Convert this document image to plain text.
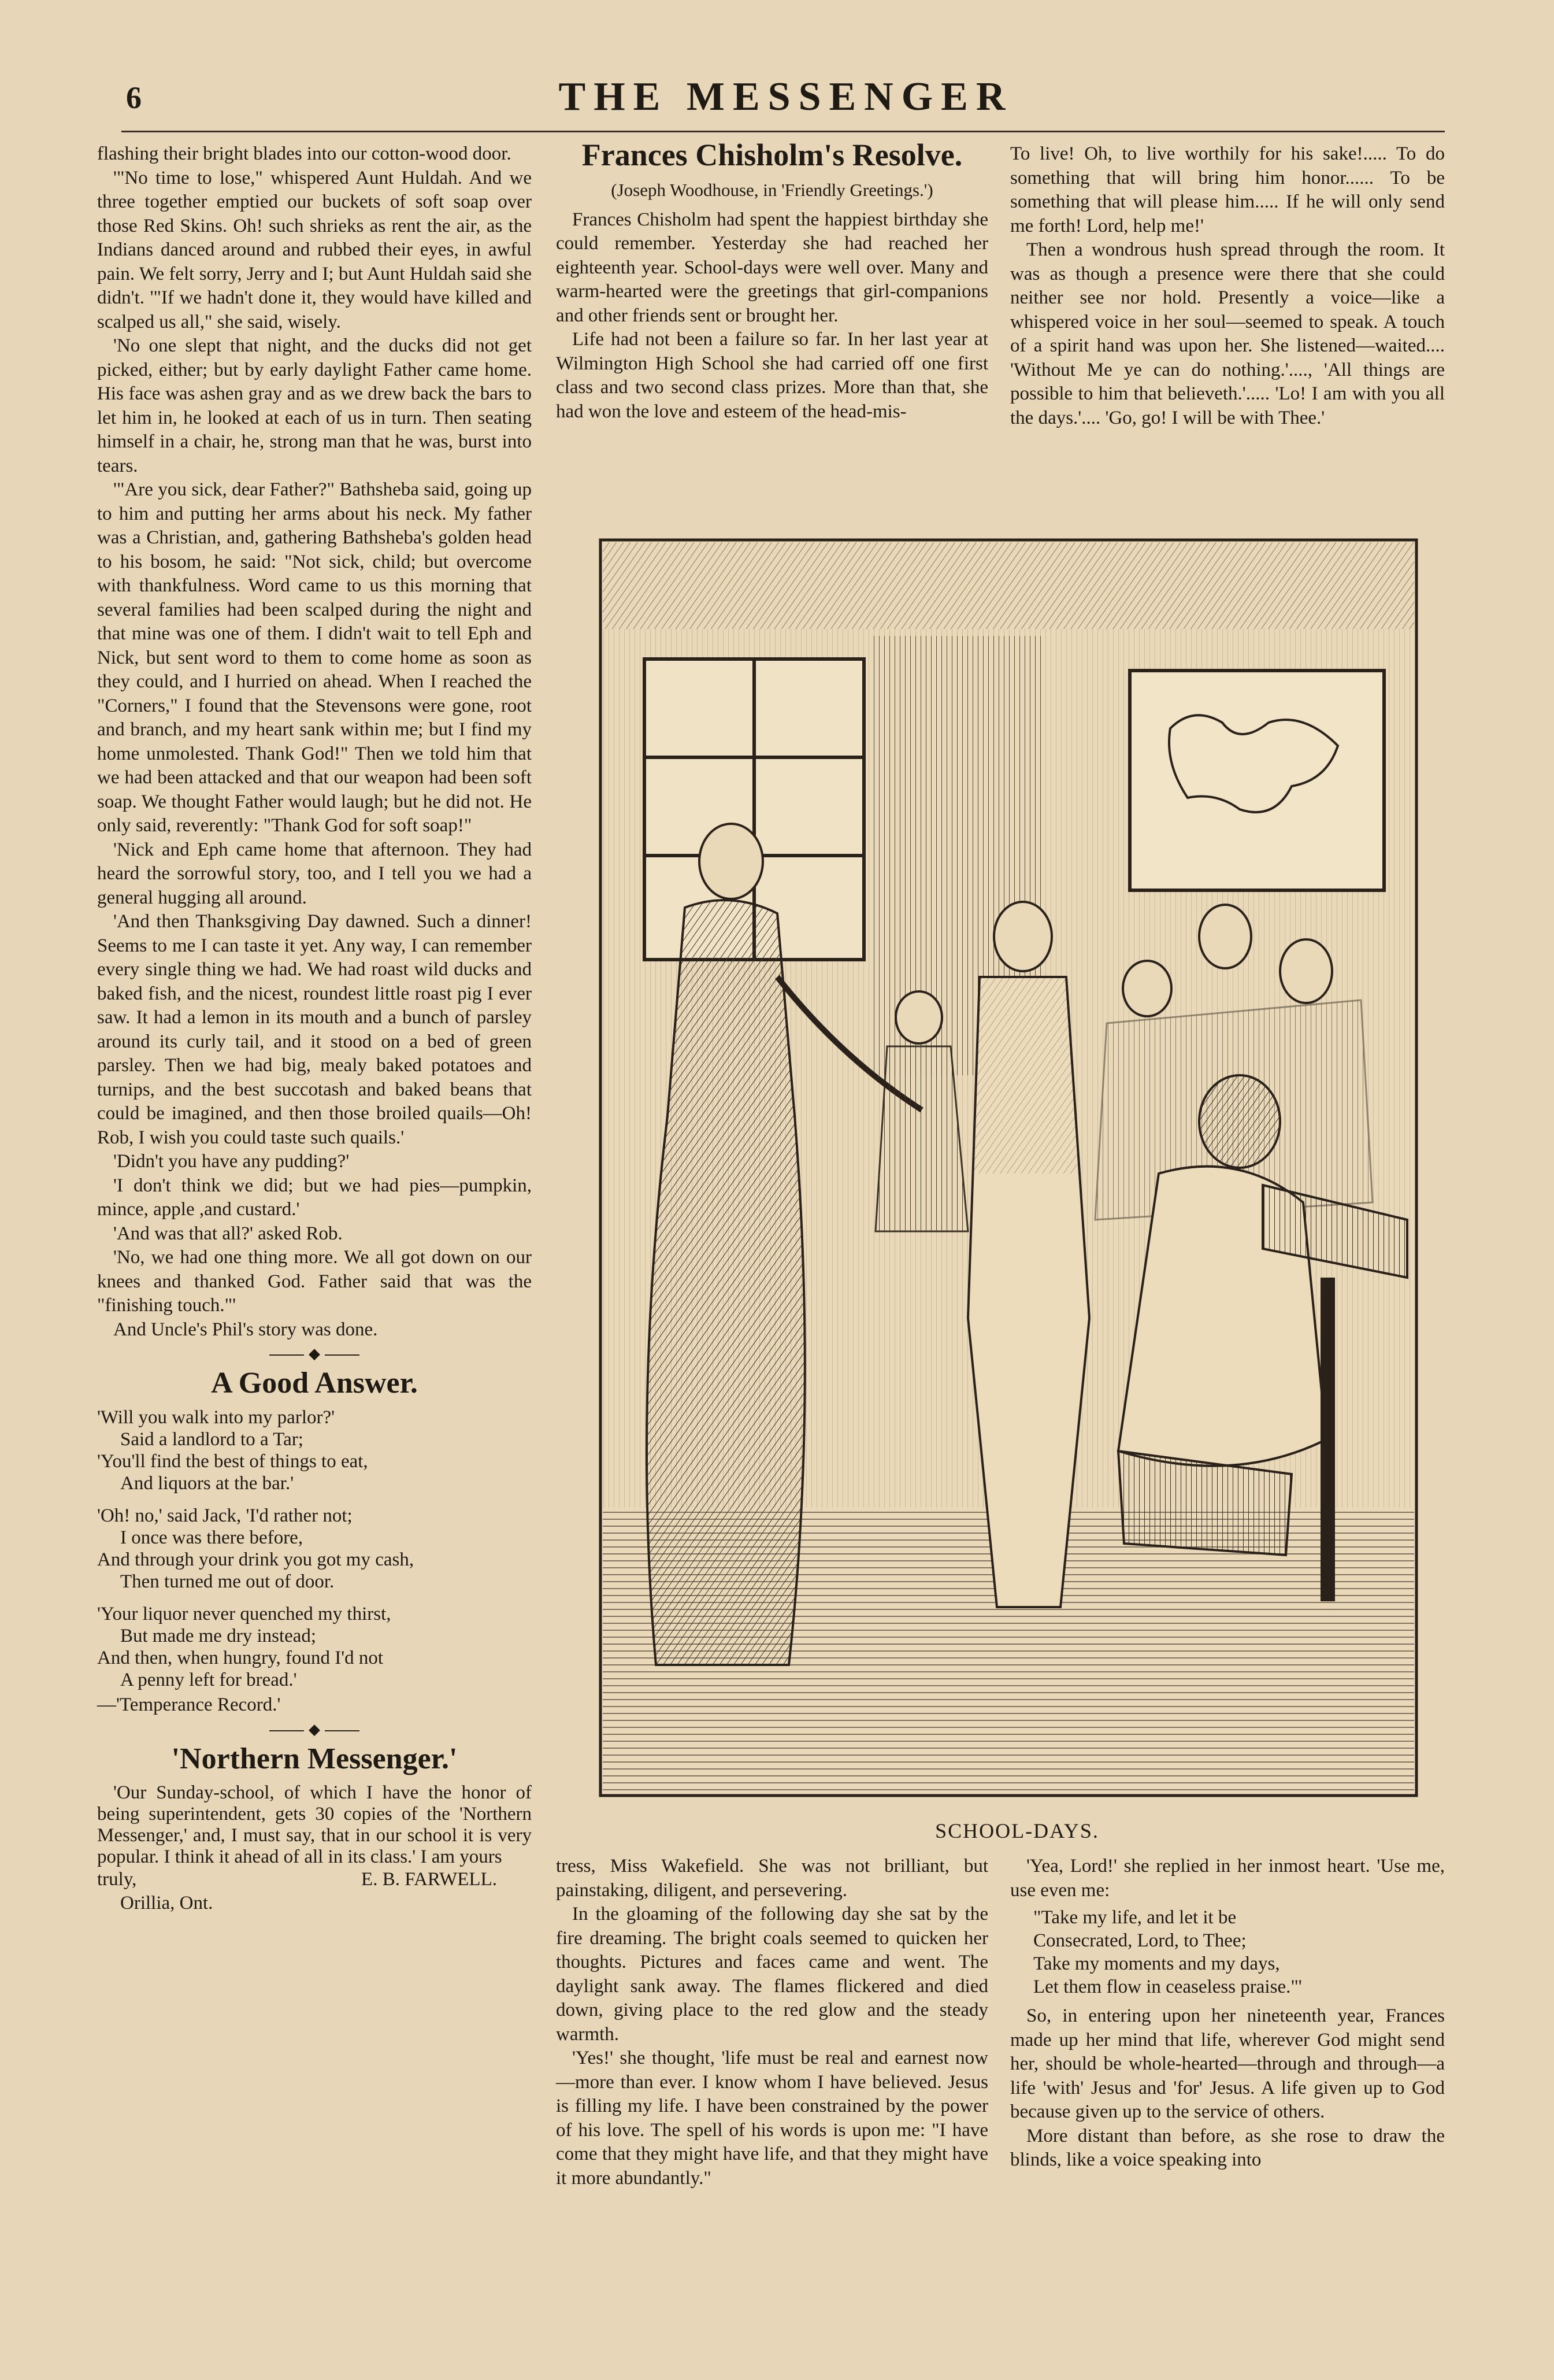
6	THE MESSENGER

flashing their bright blades into our cotton-wood door.

'"No time to lose," whispered Aunt Huldah. And we three together emptied our buckets of soft soap over those Red Skins. Oh! such shrieks as rent the air, as the Indians danced around and rubbed their eyes, in awful pain. We felt sorry, Jerry and I; but Aunt Huldah said she didn't. '"If we hadn't done it, they would have killed and scalped us all," she said, wisely.

'No one slept that night, and the ducks did not get picked, either; but by early daylight Father came home. His face was ashen gray and as we drew back the bars to let him in, he looked at each of us in turn. Then seating himself in a chair, he, strong man that he was, burst into tears.

'"Are you sick, dear Father?" Bathsheba said, going up to him and putting her arms about his neck. My father was a Christian, and, gathering Bathsheba's golden head to his bosom, he said: "Not sick, child; but overcome with thankfulness. Word came to us this morning that several families had been scalped during the night and that mine was one of them. I didn't wait to tell Eph and Nick, but sent word to them to come home as soon as they could, and I hurried on ahead. When I reached the "Corners," I found that the Stevensons were gone, root and branch, and my heart sank within me; but I find my home unmolested. Thank God!" Then we told him that we had been attacked and that our weapon had been soft soap. We thought Father would laugh; but he did not. He only said, reverently: "Thank God for soft soap!"

'Nick and Eph came home that afternoon. They had heard the sorrowful story, too, and I tell you we had a general hugging all around.

'And then Thanksgiving Day dawned. Such a dinner! Seems to me I can taste it yet. Any way, I can remember every single thing we had. We had roast wild ducks and baked fish, and the nicest, roundest little roast pig I ever saw. It had a lemon in its mouth and a bunch of parsley around its curly tail, and it stood on a bed of green parsley. Then we had big, mealy baked potatoes and turnips, and the best succotash and baked beans that could be imagined, and then those broiled quails—Oh! Rob, I wish you could taste such quails.'

'Didn't you have any pudding?'

'I don't think we did; but we had pies—pumpkin, mince, apple ,and custard.'

'And was that all?' asked Rob.

'No, we had one thing more. We all got down on our knees and thanked God. Father said that was the "finishing touch."'

And Uncle's Phil's story was done.

◆
A Good Answer.
'Will you walk into my parlor?'
Said a landlord to a Tar;
'You'll find the best of things to eat,
And liquors at the bar.'
'Oh! no,' said Jack, 'I'd rather not;
I once was there before,
And through your drink you got my cash,
Then turned me out of door.
'Your liquor never quenched my thirst,
But made me dry instead;
And then, when hungry, found I'd not
A penny left for bread.'
—'Temperance Record.'
◆
'Northern Messenger.'

'Our Sunday-school, of which I have the honor of being superintendent, gets 30 copies of the 'Northern Messenger,' and, I must say, that in our school it is very popular. I think it ahead of all in its class.' I am yours

truly,	E. B. FARWELL.
Orillia, Ont.
Frances Chisholm's Resolve.
(Joseph Woodhouse, in 'Friendly Greetings.')

Frances Chisholm had spent the happiest birthday she could remember. Yesterday she had reached her eighteenth year. School-days were well over. Many and warm-hearted were the greetings that girl-companions and other friends sent or brought her.

Life had not been a failure so far. In her last year at Wilmington High School she had carried off one first class and two second class prizes. More than that, she had won the love and esteem of the head-mis-

To live! Oh, to live worthily for his sake!..... To do something that will bring him honor...... To be something that will please him..... If he will only send me forth! Lord, help me!'

Then a wondrous hush spread through the room. It was as though a presence were there that she could neither see nor hold. Presently a voice—like a whispered voice in her soul—seemed to speak. A touch of a spirit hand was upon her. She listened—waited.... 'Without Me ye can do nothing.'...., 'All things are possible to him that believeth.'..... 'Lo! I am with you all the days.'.... 'Go, go! I will be with Thee.'

SCHOOL-DAYS.

tress, Miss Wakefield. She was not brilliant, but painstaking, diligent, and persevering.

In the gloaming of the following day she sat by the fire dreaming. The bright coals seemed to quicken her thoughts. Pictures and faces came and went. The daylight sank away. The flames flickered and died down, giving place to the red glow and the steady warmth.

'Yes!' she thought, 'life must be real and earnest now—more than ever. I know whom I have believed. Jesus is filling my life. I have been constrained by the power of his love. The spell of his words is upon me: "I have come that they might have life, and that they might have it more abundantly."

'Yea, Lord!' she replied in her inmost heart. 'Use me, use even me:

"Take my life, and let it be
Consecrated, Lord, to Thee;
Take my moments and my days,
Let them flow in ceaseless praise."'

So, in entering upon her nineteenth year, Frances made up her mind that life, wherever God might send her, should be whole-hearted—through and through—a life 'with' Jesus and 'for' Jesus. A life given up to God because given up to the service of others.

More distant than before, as she rose to draw the blinds, like a voice speaking into
